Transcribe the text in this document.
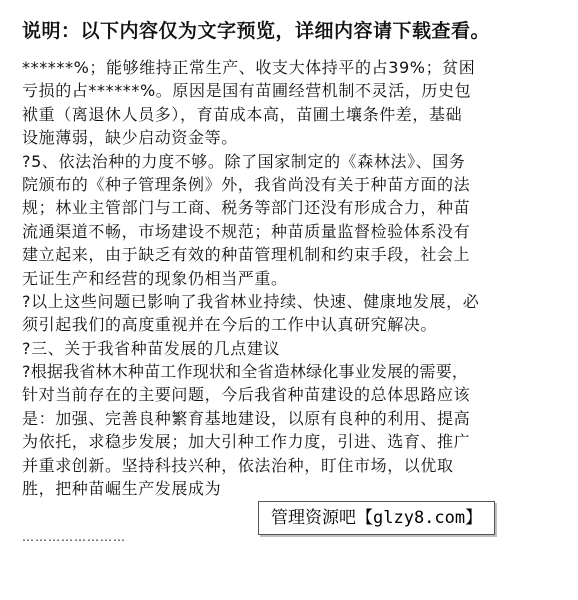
说明：以下内容仅为文字预览，详细内容请下载查看。
******%；能够维持正常生产、收支大体持平的占39%；贫困
亏损的占******%。原因是国有苗圃经营机制不灵活，历史包
袱重（离退休人员多），育苗成本高，苗圃土壤条件差，基础
设施薄弱，缺少启动资金等。
?5、依法治种的力度不够。除了国家制定的《森林法》、国务
院颁布的《种子管理条例》外，我省尚没有关于种苗方面的法
规；林业主管部门与工商、税务等部门还没有形成合力，种苗
流通渠道不畅，市场建设不规范；种苗质量监督检验体系没有
建立起来，由于缺乏有效的种苗管理机制和约束手段，社会上
无证生产和经营的现象仍相当严重。
?以上这些问题已影响了我省林业持续、快速、健康地发展，必
须引起我们的高度重视并在今后的工作中认真研究解决。
?三、关于我省种苗发展的几点建议
?根据我省林木种苗工作现状和全省造林绿化事业发展的需要，
针对当前存在的主要问题，今后我省种苗建设的总体思路应该
是：加强、完善良种繁育基地建设，以原有良种的利用、提高
为依托，求稳步发展；加大引种工作力度，引进、选育、推广
并重求创新。坚持科技兴种，依法治种，盯住市场，以优取
胜，把种苗崛生产发展成为
……………………
管理资源吧【glzy8.com】
